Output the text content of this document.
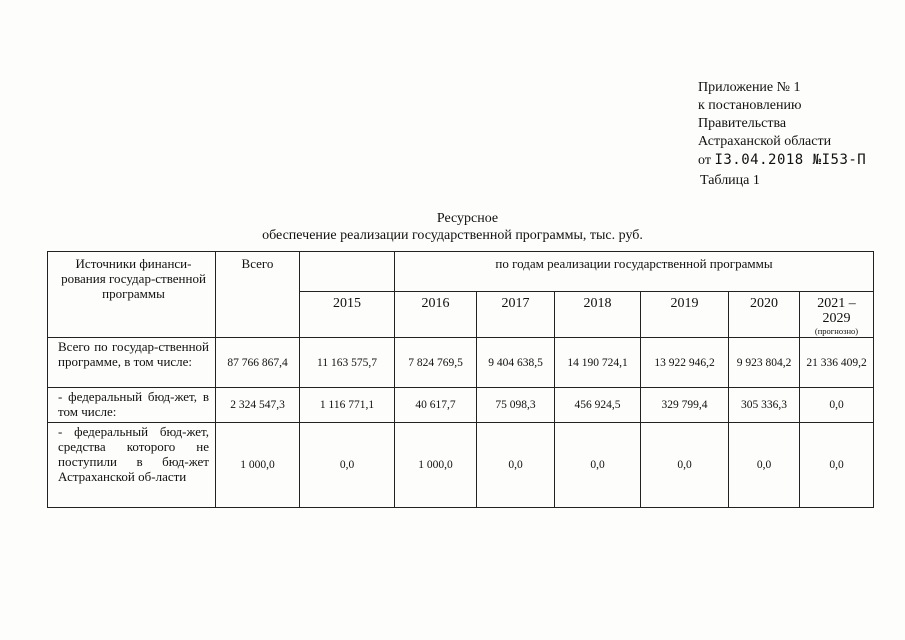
Приложение № 1
к постановлению
Правительства
Астраханской области
от I3.04.2018 №I53-П
Таблица 1
Ресурсное
обеспечение реализации государственной программы, тыс. руб.
Источники финанси-рования государ-ственной программы	Всего		по годам реализации государственной программы					
		2015	2016	2017	2018	2019	2020	2021 – 2029
(прогнозно)

Всего по государ-ственной программе, в том числе:	87 766 867,4	11 163 575,7	7 824 769,5	9 404 638,5	14 190 724,1	13 922 946,2	9 923 804,2	21 336 409,2
- федеральный бюд-жет, в том числе:	2 324 547,3	1 116 771,1	40 617,7	75 098,3	456 924,5	329 799,4	305 336,3	0,0
- федеральный бюд-жет, средства которого не поступили в бюд-жет Астраханской об-ласти	1 000,0	0,0	1 000,0	0,0	0,0	0,0	0,0	0,0
